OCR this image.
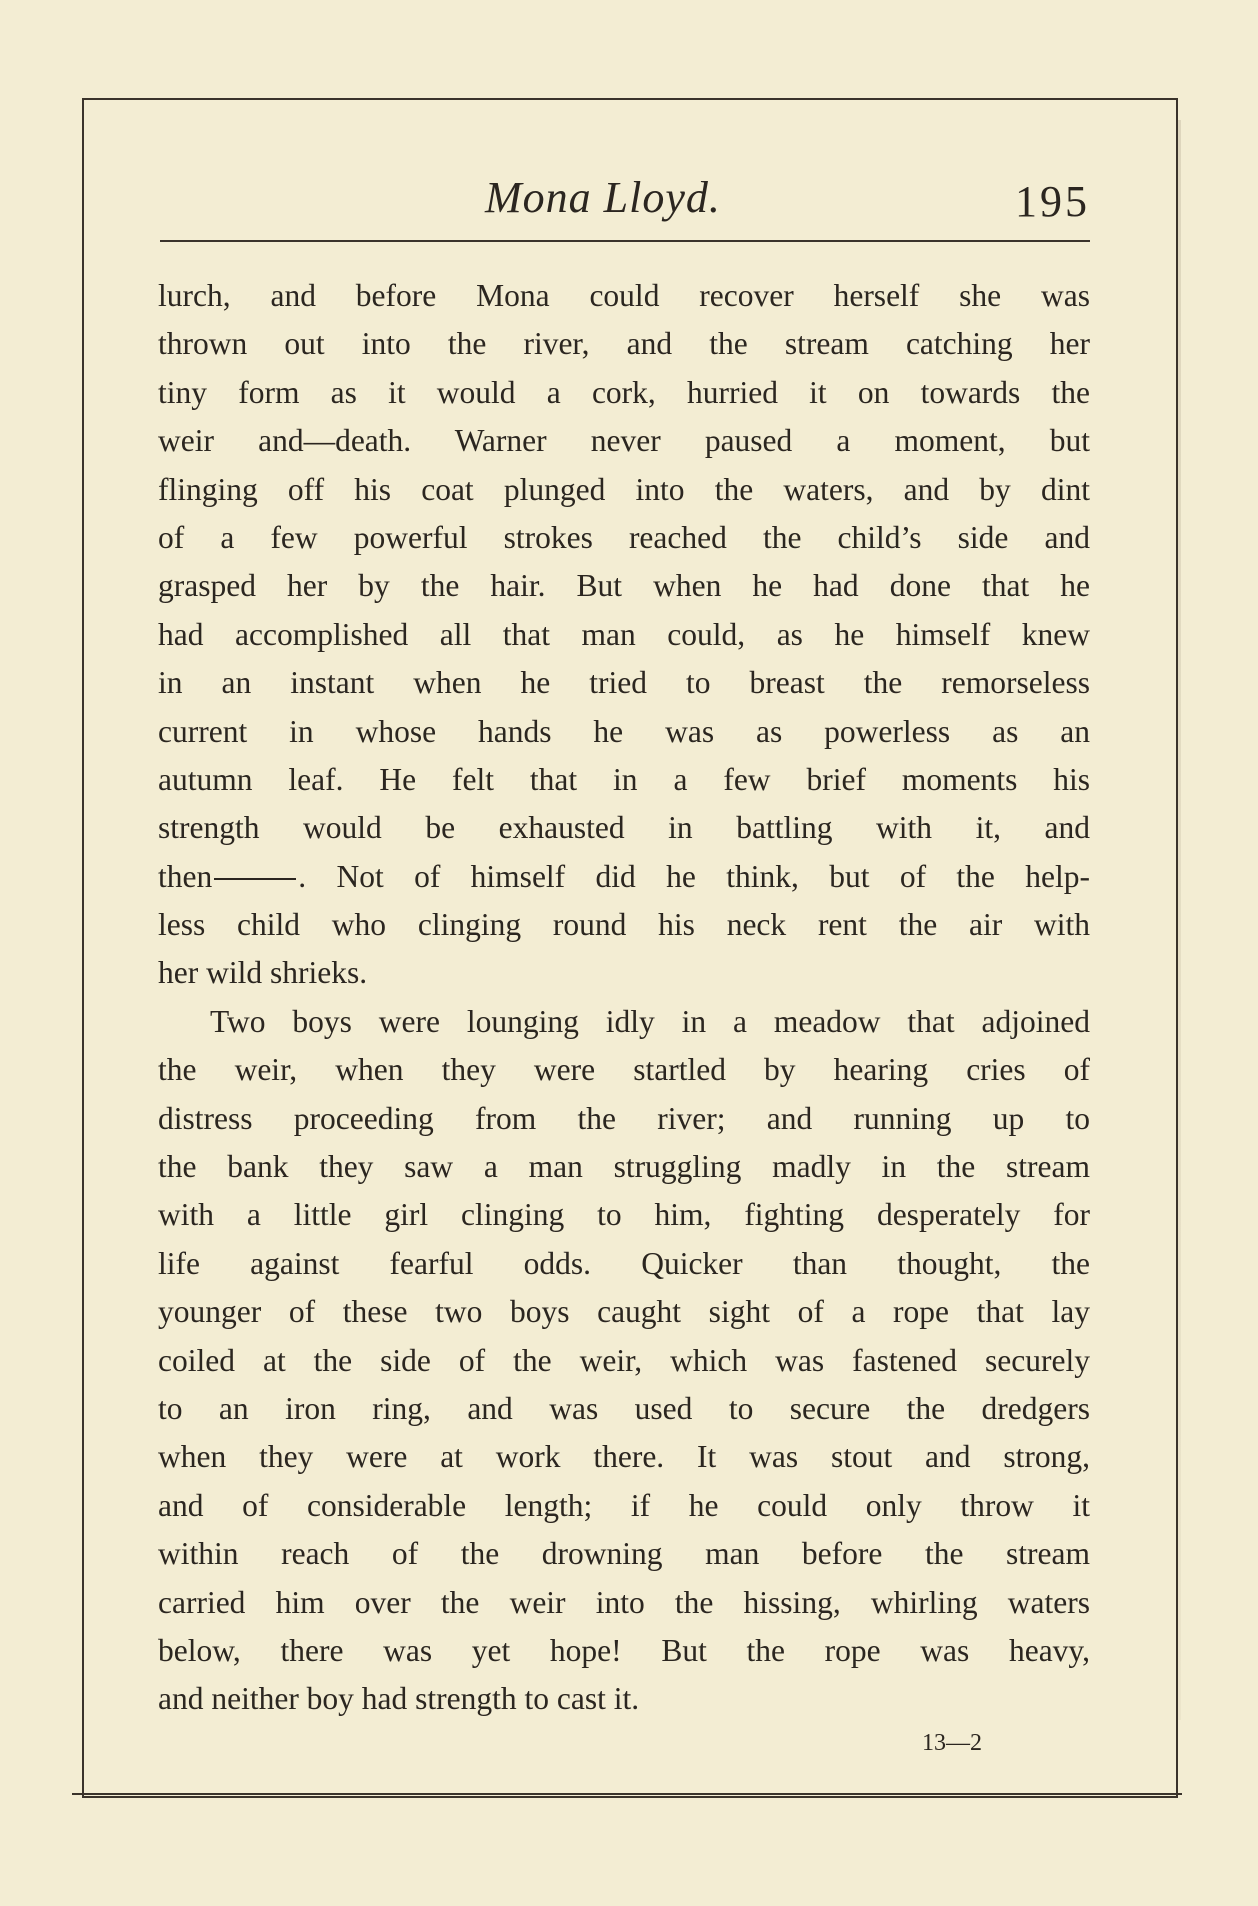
Mona Lloyd.	195
lurch, and before Mona could recover herself she was
thrown out into the river, and the stream catching her
tiny form as it would a cork, hurried it on towards the
weir and—death. Warner never paused a moment, but
flinging off his coat plunged into the waters, and by dint
of a few powerful strokes reached the child’s side and
grasped her by the hair. But when he had done that he
had accomplished all that man could, as he himself knew
in an instant when he tried to breast the remorseless
current in whose hands he was as powerless as an
autumn leaf. He felt that in a few brief moments his
strength would be exhausted in battling with it, and
then	. Not of himself did he think, but of the help-
less child who clinging round his neck rent the air with
her wild shrieks.
Two boys were lounging idly in a meadow that adjoined
the weir, when they were startled by hearing cries of
distress proceeding from the river; and running up to
the bank they saw a man struggling madly in the stream
with a little girl clinging to him, fighting desperately for
life against fearful odds. Quicker than thought, the
younger of these two boys caught sight of a rope that lay
coiled at the side of the weir, which was fastened securely
to an iron ring, and was used to secure the dredgers
when they were at work there. It was stout and strong,
and of considerable length; if he could only throw it
within reach of the drowning man before the stream
carried him over the weir into the hissing, whirling waters
below, there was yet hope! But the rope was heavy,
and neither boy had strength to cast it.
13—2
